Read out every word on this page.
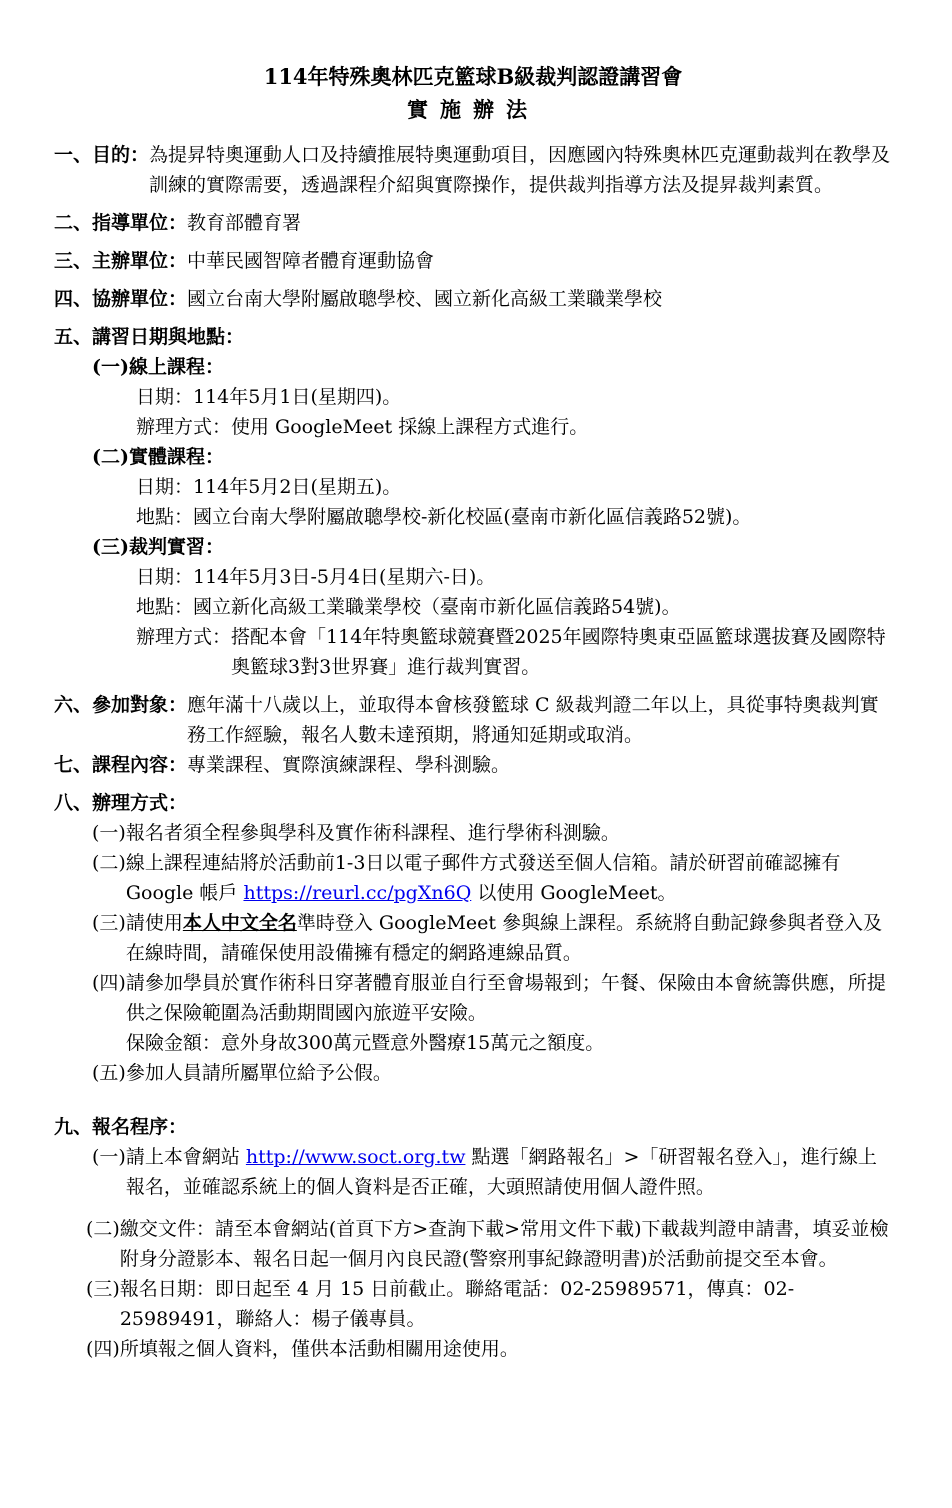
114年特殊奧林匹克籃球B級裁判認證講習會
實施辦法
一、目的： 為提昇特奧運動人口及持續推展特奧運動項目，因應國內特殊奧林匹克運動裁判在教學及訓練的實際需要，透過課程介紹與實際操作，提供裁判指導方法及提昇裁判素質。
二、指導單位： 教育部體育署
三、主辦單位： 中華民國智障者體育運動協會
四、協辦單位： 國立台南大學附屬啟聰學校、國立新化高級工業職業學校
五、講習日期與地點：
(一)線上課程：
日期：114年5月1日(星期四)。
辦理方式：使用 GoogleMeet 採線上課程方式進行。
(二)實體課程：
日期：114年5月2日(星期五)。
地點：國立台南大學附屬啟聰學校-新化校區(臺南市新化區信義路52號)。
(三)裁判實習：
日期：114年5月3日-5月4日(星期六-日)。
地點：國立新化高級工業職業學校（臺南市新化區信義路54號)。
辦理方式： 搭配本會「114年特奧籃球競賽暨2025年國際特奧東亞區籃球選拔賽及國際特奧籃球3對3世界賽」進行裁判實習。
六、參加對象： 應年滿十八歲以上，並取得本會核發籃球 C 級裁判證二年以上，具從事特奧裁判實務工作經驗，報名人數未達預期，將通知延期或取消。
七、課程內容： 專業課程、實際演練課程、學科測驗。
八、辦理方式：
(一) 報名者須全程參與學科及實作術科課程、進行學術科測驗。
(二) 線上課程連結將於活動前1-3日以電子郵件方式發送至個人信箱。請於研習前確認擁有 Google 帳戶 https://reurl.cc/pgXn6Q 以使用 GoogleMeet。
(三) 請使用本人中文全名準時登入 GoogleMeet 參與線上課程。系統將自動記錄參與者登入及在線時間，請確保使用設備擁有穩定的網路連線品質。
(四) 請參加學員於實作術科日穿著體育服並自行至會場報到；午餐、保險由本會統籌供應，所提供之保險範圍為活動期間國內旅遊平安險。
保險金額：意外身故300萬元暨意外醫療15萬元之額度。
(五) 參加人員請所屬單位給予公假。
九、報名程序：
(一) 請上本會網站 http://www.soct.org.tw 點選「網路報名」>「研習報名登入」，進行線上報名，並確認系統上的個人資料是否正確，大頭照請使用個人證件照。
(二) 繳交文件：請至本會網站(首頁下方>查詢下載>常用文件下載)下載裁判證申請書，填妥並檢附身分證影本、報名日起一個月內良民證(警察刑事紀錄證明書)於活動前提交至本會。
(三) 報名日期：即日起至 4 月 15 日前截止。聯絡電話：02-25989571，傳真：02-25989491，聯絡人：楊子儀專員。
(四) 所填報之個人資料，僅供本活動相關用途使用。
